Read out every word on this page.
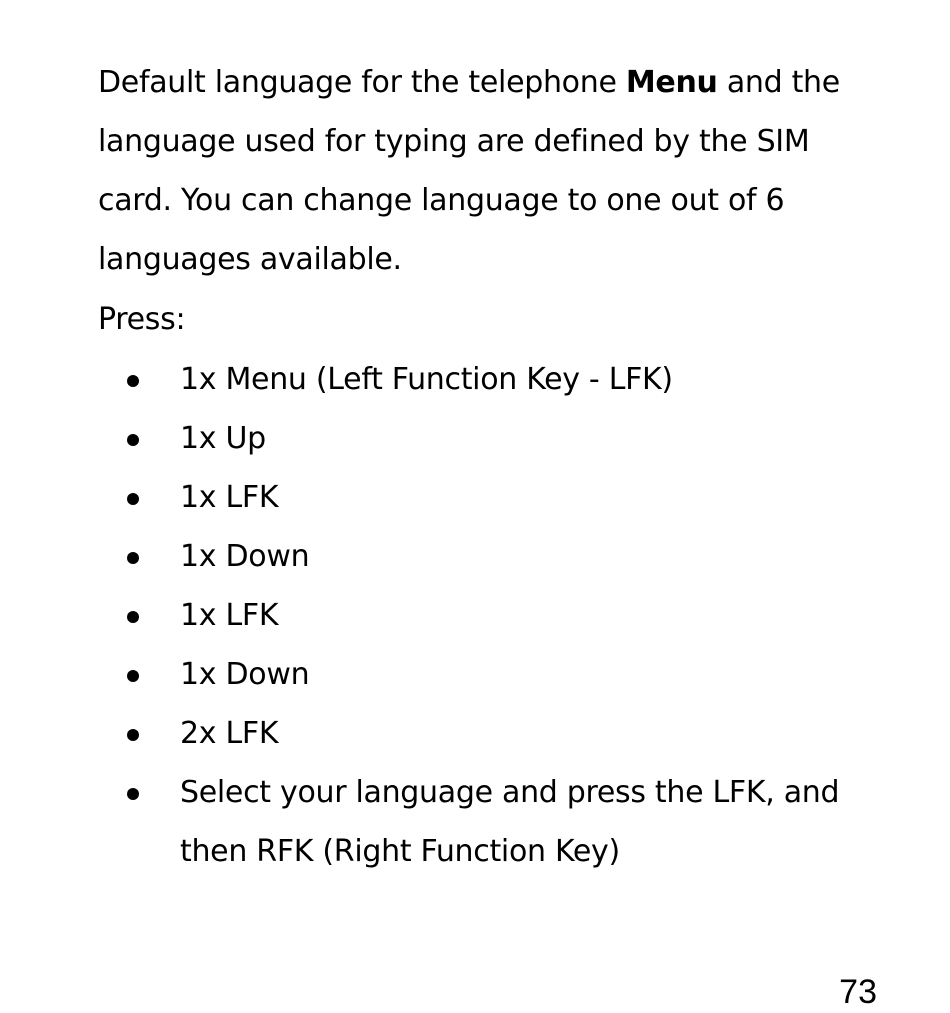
Default language for the telephone Menu and the language used for typing are defined by the SIM card. You can change language to one out of 6 languages available.

Press:

1x Menu (Left Function Key - LFK)
1x Up
1x LFK
1x Down
1x LFK
1x Down
2x LFK
Select your language and press the LFK, and then RFK (Right Function Key)
73
